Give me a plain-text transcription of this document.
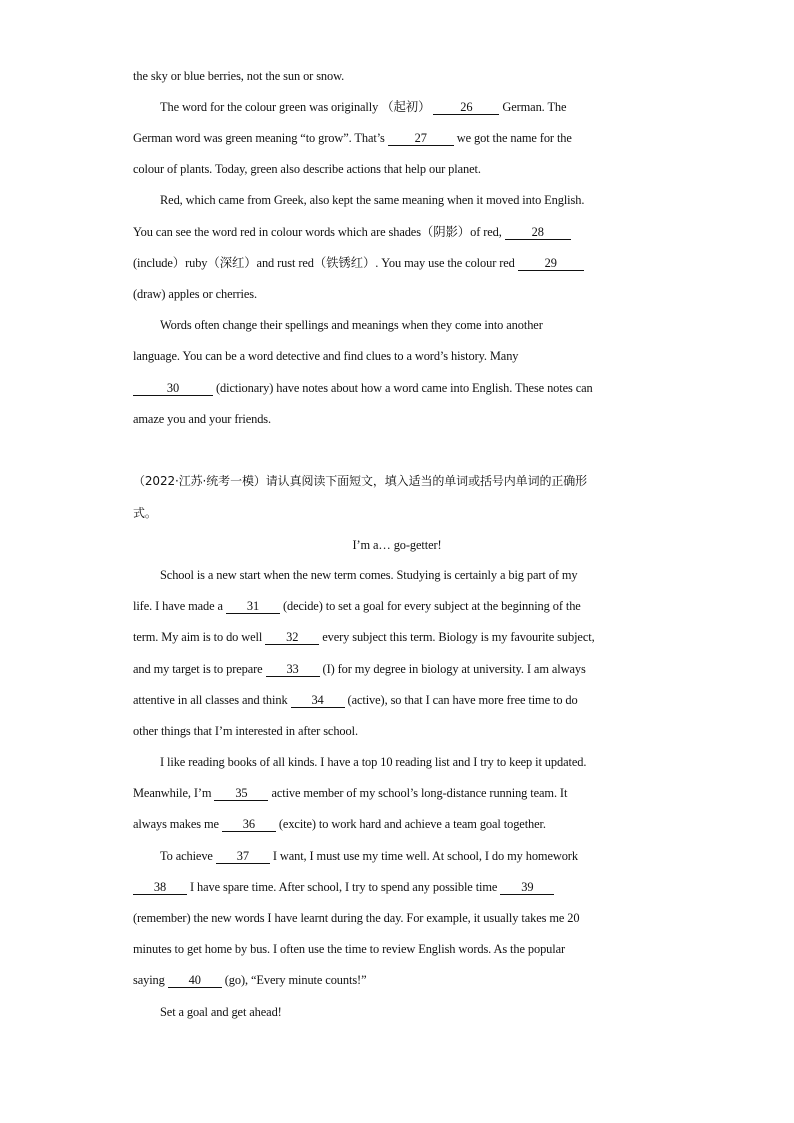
the sky or blue berries, not the sun or snow.
The word for the colour green was originally （起初） 26 German. The
German word was green meaning “to grow”. That’s 27 we got the name for the
colour of plants. Today, green also describe actions that help our planet.
Red, which came from Greek, also kept the same meaning when it moved into English.
You can see the word red in colour words which are shades（阴影）of red, 28
(include）ruby（深红）and rust red（铁锈红）. You may use the colour red 29
(draw) apples or cherries.
Words often change their spellings and meanings when they come into another
language. You can be a word detective and find clues to a word’s history. Many
30	(dictionary) have notes about how a word came into English. These notes can
amaze you and your friends.
（2022·江苏·统考一模）请认真阅读下面短文，填入适当的单词或括号内单词的正确形
式。
I’m a… go-getter!
School is a new start when the new term comes. Studying is certainly a big part of my
life. I have made a 31 (decide) to set a goal for every subject at the beginning of the
term. My aim is to do well 32 every subject this term. Biology is my favourite subject,
and my target is to prepare 33 (I) for my degree in biology at university. I am always
attentive in all classes and think 34 (active), so that I can have more free time to do
other things that I’m interested in after school.
I like reading books of all kinds. I have a top 10 reading list and I try to keep it updated.
Meanwhile, I’m 35 active member of my school’s long-distance running team. It
always makes me 36 (excite) to work hard and achieve a team goal together.
To achieve 37 I want, I must use my time well. At school, I do my homework
38 I have spare time. After school, I try to spend any possible time 39
(remember) the new words I have learnt during the day. For example, it usually takes me 20
minutes to get home by bus. I often use the time to review English words. As the popular
saying 40 (go), “Every minute counts!”
Set a goal and get ahead!
